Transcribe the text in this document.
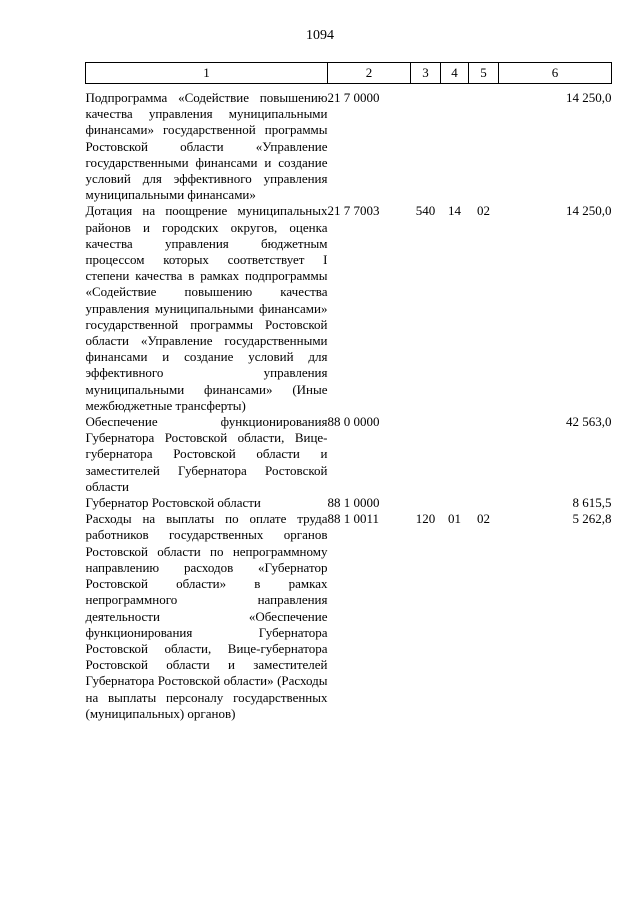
1094
1	2	3	4	5	6
Подпрограмма «Содействие повышению качества управления муниципальными финансами» государственной программы Ростовской области «Управление государственными финансами и создание условий для эффективного управления муниципальными финансами»	21 7 0000				14 250,0
Дотация на поощрение муниципальных районов и городских округов, оценка качества управления бюджетным процессом которых соответствует I степени качества в рамках подпрограммы «Содействие повышению качества управления муниципальными финансами» государственной программы Ростовской области «Управление государственными финансами и создание условий для эффективного управления муниципальными финансами» (Иные межбюджетные трансферты)	21 7 7003	540	14	02	14 250,0
Обеспечение функционирования Губернатора Ростовской области, Вице-губернатора Ростовской области и заместителей Губернатора Ростовской области	88 0 0000				42 563,0
Губернатор Ростовской области	88 1 0000				8 615,5
Расходы на выплаты по оплате труда работников государственных органов Ростовской области по непрограммному направлению расходов «Губернатор Ростовской области» в рамках непрограммного направления деятельности «Обеспечение функционирования Губернатора Ростовской области, Вице-губернатора Ростовской области и заместителей Губернатора Ростовской области» (Расходы на выплаты персоналу государственных (муниципальных) органов)	88 1 0011	120	01	02	5 262,8
